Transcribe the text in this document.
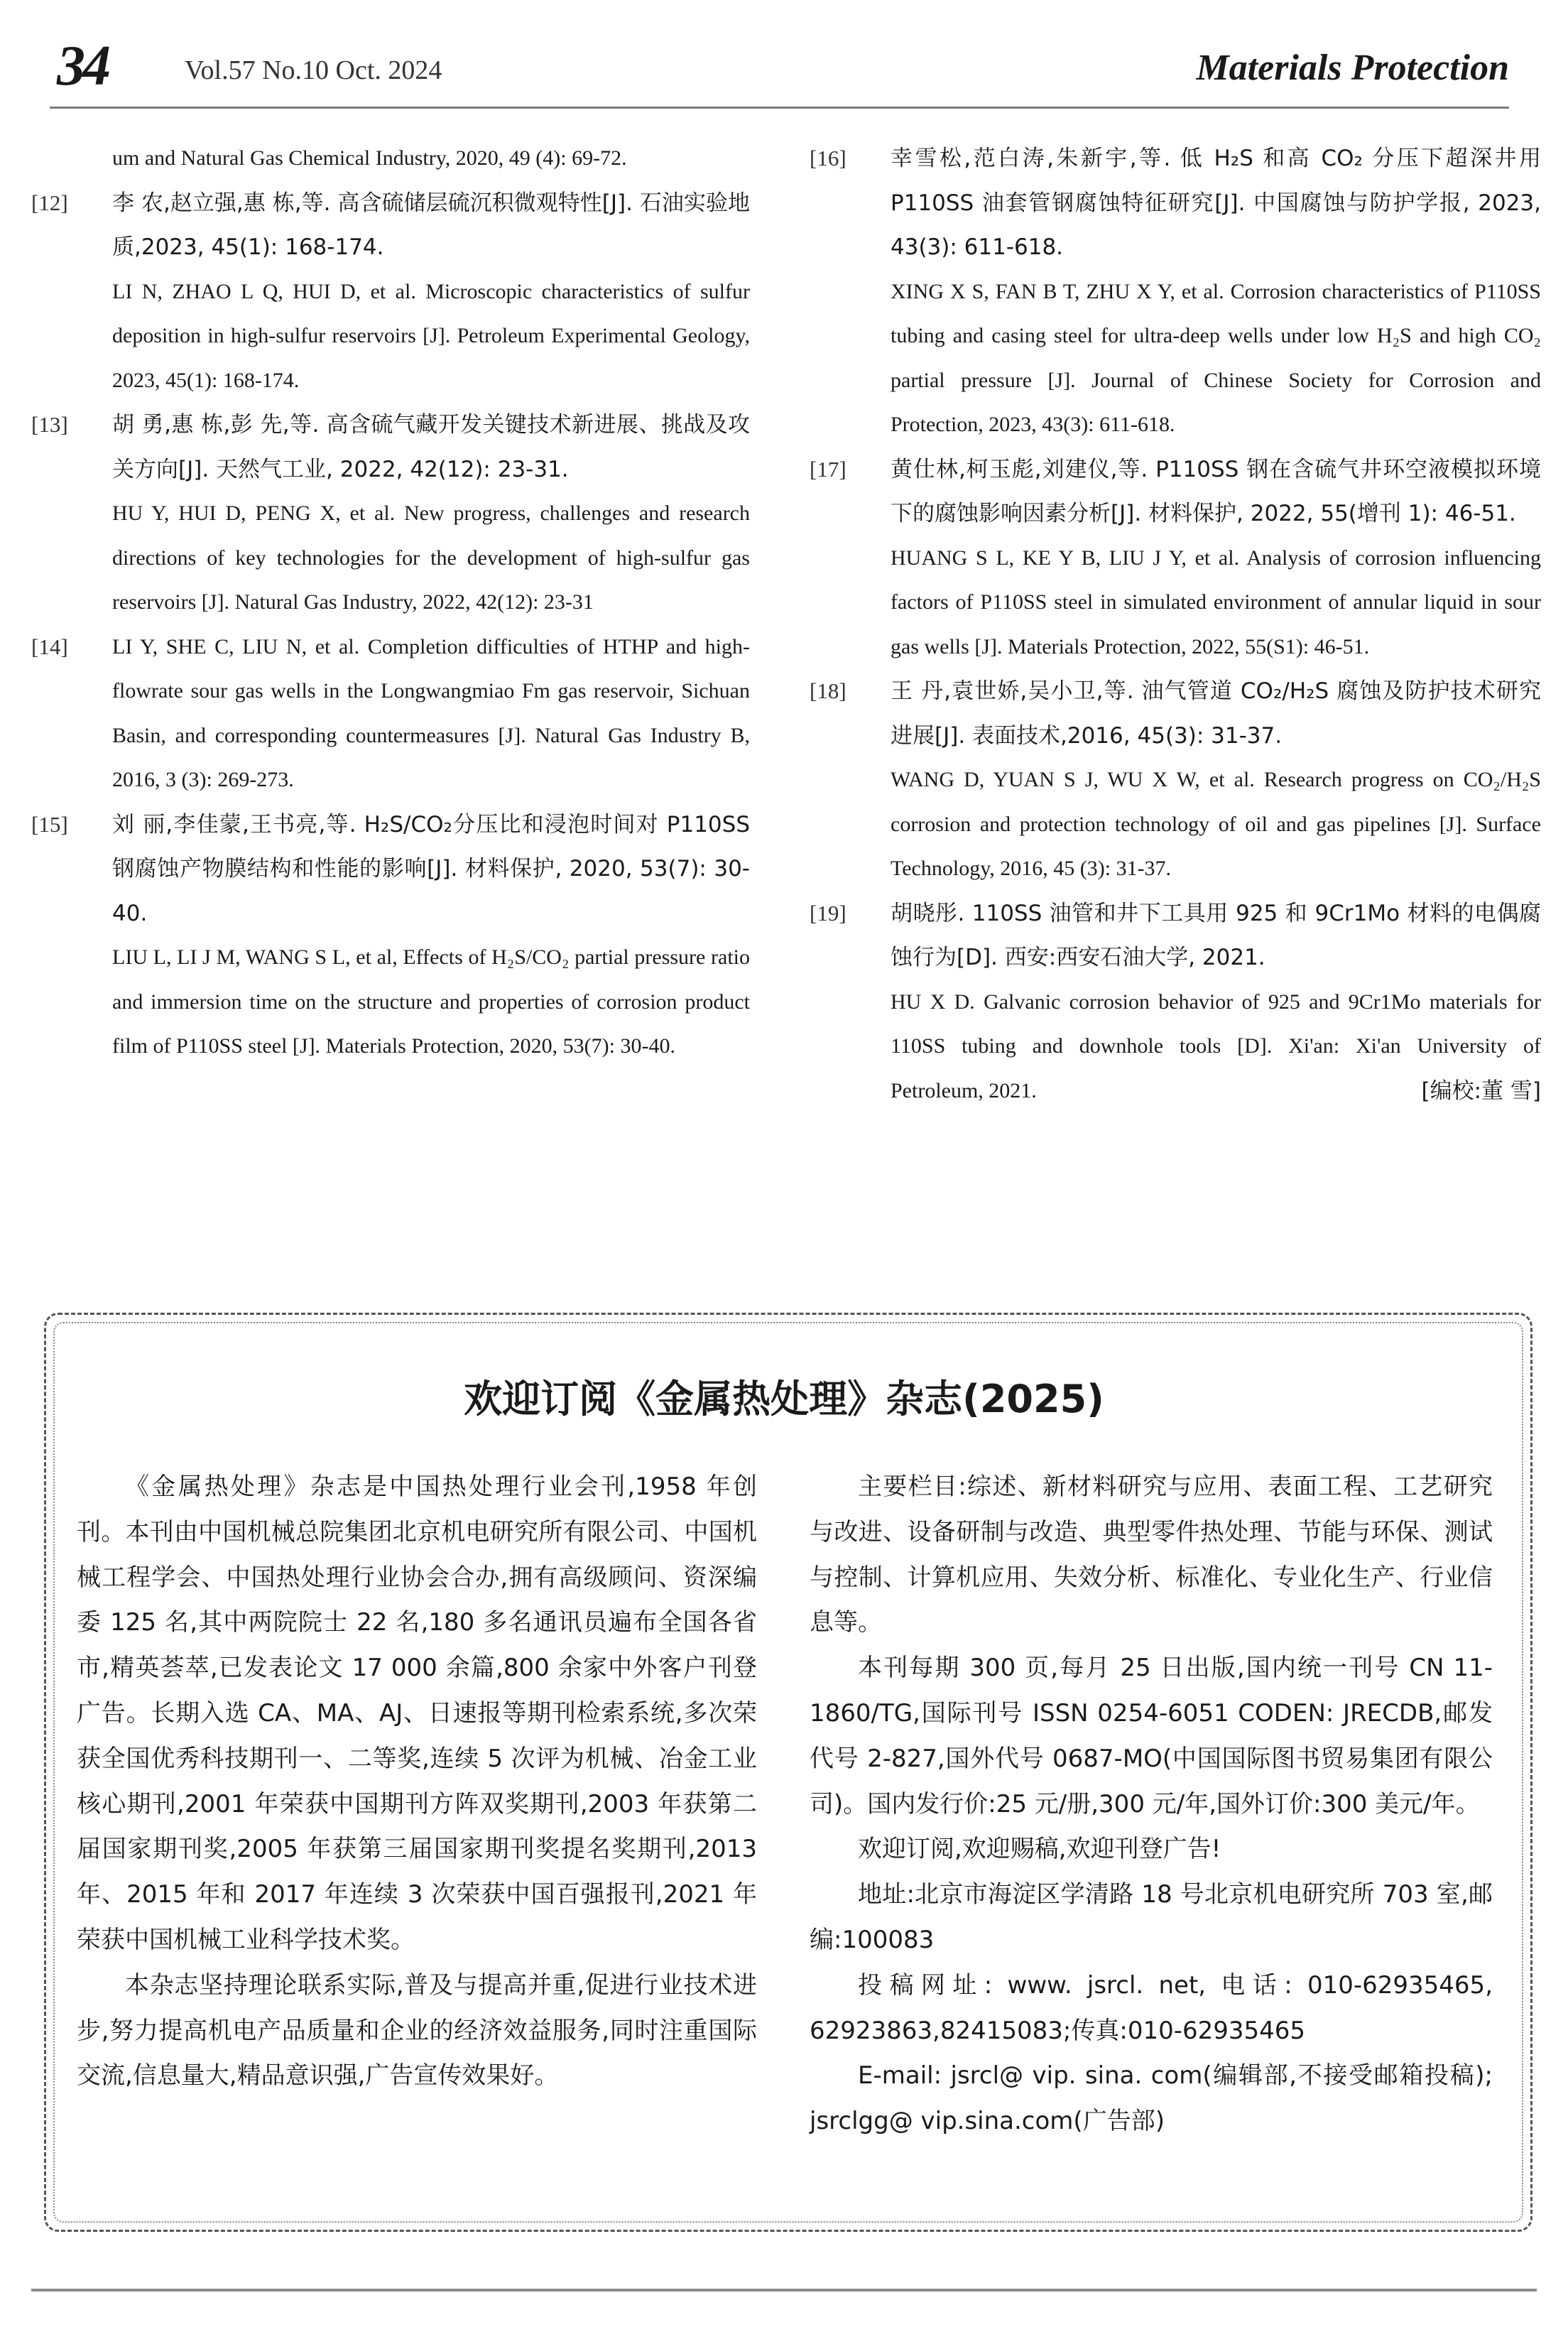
34	Vol.57 No.10 Oct. 2024	Materials Protection

um and Natural Gas Chemical Industry, 2020, 49 (4): 69-72.

[12] 李 农,赵立强,惠 栋,等. 高含硫储层硫沉积微观特性[J]. 石油实验地质,2023, 45(1): 168-174.

LI N, ZHAO L Q, HUI D, et al. Microscopic characteristics of sulfur deposition in high-sulfur reservoirs [J]. Petroleum Experimental Geology, 2023, 45(1): 168-174.

[13] 胡 勇,惠 栋,彭 先,等. 高含硫气藏开发关键技术新进展、挑战及攻关方向[J]. 天然气工业, 2022, 42(12): 23-31.

HU Y, HUI D, PENG X, et al. New progress, challenges and research directions of key technologies for the development of high-sulfur gas reservoirs [J]. Natural Gas Industry, 2022, 42(12): 23-31

[14] LI Y, SHE C, LIU N, et al. Completion difficulties of HTHP and high-flowrate sour gas wells in the Longwangmiao Fm gas reservoir, Sichuan Basin, and corresponding countermeasures [J]. Natural Gas Industry B, 2016, 3 (3): 269-273.

[15] 刘 丽,李佳蒙,王书亮,等. H₂S/CO₂分压比和浸泡时间对 P110SS 钢腐蚀产物膜结构和性能的影响[J]. 材料保护, 2020, 53(7): 30-40.

LIU L, LI J M, WANG S L, et al, Effects of H₂S/CO₂ partial pressure ratio and immersion time on the structure and properties of corrosion product film of P110SS steel [J]. Materials Protection, 2020, 53(7): 30-40.

[16] 幸雪松,范白涛,朱新宇,等. 低 H₂S 和高 CO₂ 分压下超深井用 P110SS 油套管钢腐蚀特征研究[J]. 中国腐蚀与防护学报, 2023, 43(3): 611-618.

XING X S, FAN B T, ZHU X Y, et al. Corrosion characteristics of P110SS tubing and casing steel for ultra-deep wells under low H₂S and high CO₂ partial pressure [J]. Journal of Chinese Society for Corrosion and Protection, 2023, 43(3): 611-618.

[17] 黄仕林,柯玉彪,刘建仪,等. P110SS 钢在含硫气井环空液模拟环境下的腐蚀影响因素分析[J]. 材料保护, 2022, 55(增刊 1): 46-51.

HUANG S L, KE Y B, LIU J Y, et al. Analysis of corrosion influencing factors of P110SS steel in simulated environment of annular liquid in sour gas wells [J]. Materials Protection, 2022, 55(S1): 46-51.

[18] 王 丹,袁世娇,吴小卫,等. 油气管道 CO₂/H₂S 腐蚀及防护技术研究进展[J]. 表面技术,2016, 45(3): 31-37.

WANG D, YUAN S J, WU X W, et al. Research progress on CO₂/H₂S corrosion and protection technology of oil and gas pipelines [J]. Surface Technology, 2016, 45 (3): 31-37.

[19] 胡晓彤. 110SS 油管和井下工具用 925 和 9Cr1Mo 材料的电偶腐蚀行为[D]. 西安:西安石油大学, 2021.

HU X D. Galvanic corrosion behavior of 925 and 9Cr1Mo materials for 110SS tubing and downhole tools [D]. Xi'an: Xi'an University of Petroleum, 2021.	[编校:董 雪]

欢迎订阅《金属热处理》杂志(2025)

《金属热处理》杂志是中国热处理行业会刊,1958 年创刊。本刊由中国机械总院集团北京机电研究所有限公司、中国机械工程学会、中国热处理行业协会合办,拥有高级顾问、资深编委 125 名,其中两院院士 22 名,180 多名通讯员遍布全国各省市,精英荟萃,已发表论文 17 000 余篇,800 余家中外客户刊登广告。长期入选 CA、MA、AJ、日速报等期刊检索系统,多次荣获全国优秀科技期刊一、二等奖,连续 5 次评为机械、冶金工业核心期刊,2001 年荣获中国期刊方阵双奖期刊,2003 年获第二届国家期刊奖,2005 年获第三届国家期刊奖提名奖期刊,2013 年、2015 年和 2017 年连续 3 次荣获中国百强报刊,2021 年荣获中国机械工业科学技术奖。

本杂志坚持理论联系实际,普及与提高并重,促进行业技术进步,努力提高机电产品质量和企业的经济效益服务,同时注重国际交流,信息量大,精品意识强,广告宣传效果好。

主要栏目:综述、新材料研究与应用、表面工程、工艺研究与改进、设备研制与改造、典型零件热处理、节能与环保、测试与控制、计算机应用、失效分析、标准化、专业化生产、行业信息等。

本刊每期 300 页,每月 25 日出版,国内统一刊号 CN 11-1860/TG,国际刊号 ISSN 0254-6051 CODEN: JRECDB,邮发代号 2-827,国外代号 0687-MO(中国国际图书贸易集团有限公司)。国内发行价:25 元/册,300 元/年,国外订价:300 美元/年。

欢迎订阅,欢迎赐稿,欢迎刊登广告!

地址:北京市海淀区学清路 18 号北京机电研究所 703 室,邮编:100083

投稿网址: www. jsrcl. net, 电话: 010-62935465, 62923863,82415083;传真:010-62935465

E-mail: jsrcl@ vip. sina. com(编辑部,不接受邮箱投稿); jsrclgg@ vip.sina.com(广告部)
